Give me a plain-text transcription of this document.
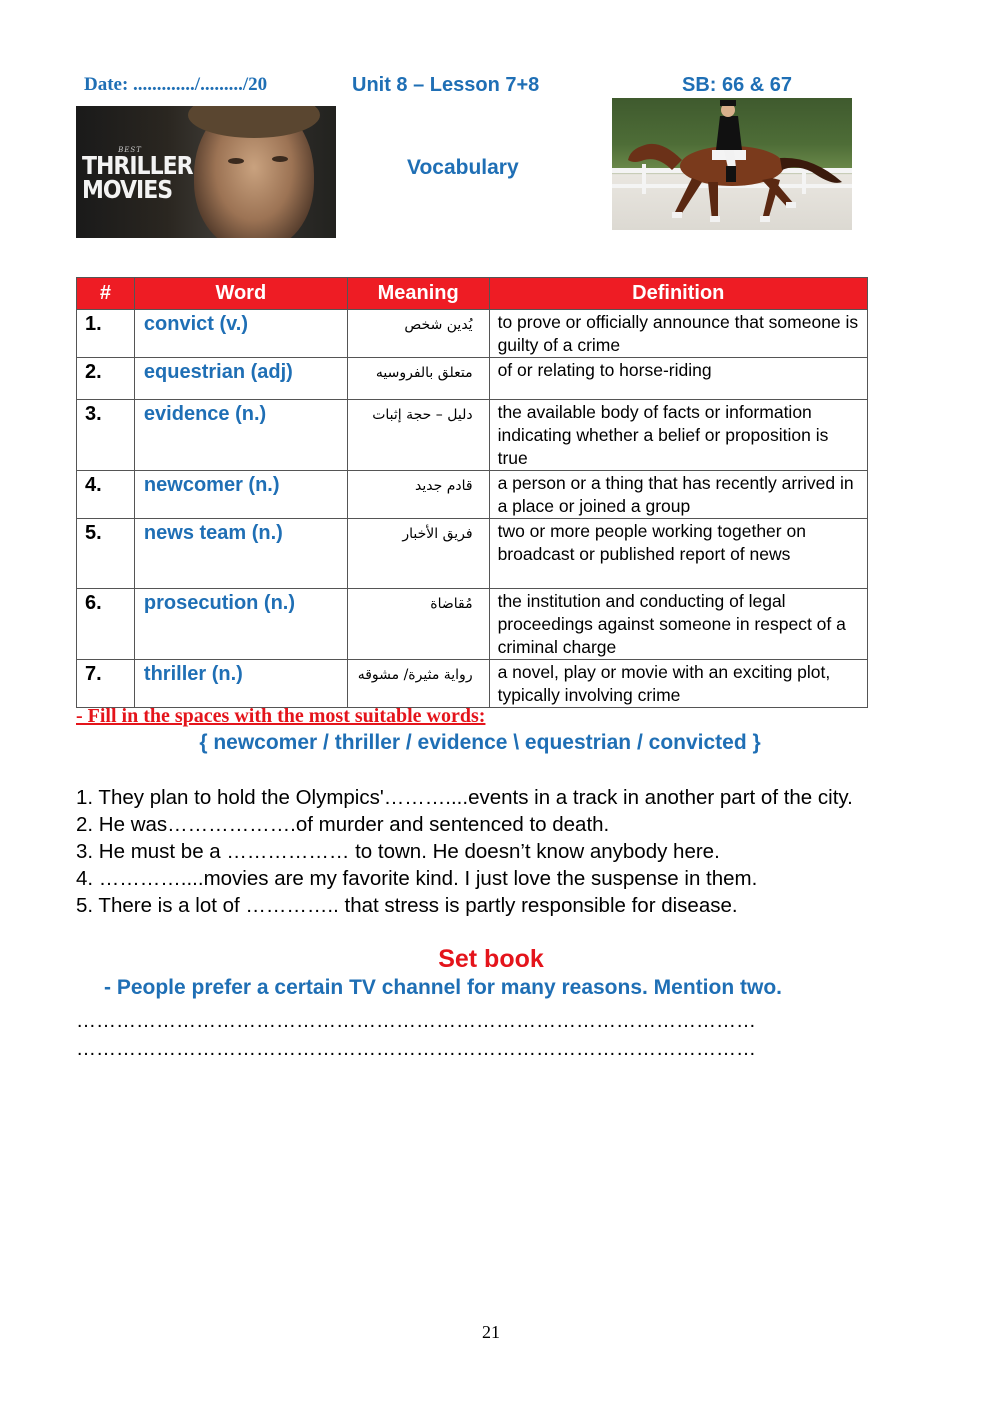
Date: ............./........./20	Unit 8 – Lesson 7+8	SB: 66 & 67
BEST
THRILLER
MOVIES
Vocabulary
#	Word	Meaning	Definition
1.	convict (v.)	يُدين شخص	to prove or officially announce that someone is guilty of a crime
2.	equestrian (adj)	متعلق بالفروسيه	of or relating to horse-riding
3.	evidence (n.)	دليل – حجة إثبات	the available body of facts or information indicating whether a belief or proposition is true
4.	newcomer (n.)	قادم جديد	a person or a thing that has recently arrived in a place or joined a group
5.	news team (n.)	فريق الأخبار	two or more people working together on broadcast or published report of news
6.	prosecution (n.)	مُقاضاة	the institution and conducting of legal proceedings against someone in respect of a criminal charge
7.	thriller (n.)	رواية مثيرة/ مشوقه	a novel, play or movie with an exciting plot, typically involving crime
- Fill in the spaces with the most suitable words:
{ newcomer / thriller / evidence \ equestrian / convicted }
1. They plan to hold the Olympics'………....events in a track in another part of the city.
2. He was……………….of murder and sentenced to death.
3. He must be a ……………… to town. He doesn’t know anybody here.
4. …………....movies are my favorite kind. I just love the suspense in them.
5. There is a lot of ………….. that stress is partly responsible for disease.
Set book
- People prefer a certain TV channel for many reasons. Mention two.
…………………………………………………………………………………………
…………………………………………………………………………………………
21
